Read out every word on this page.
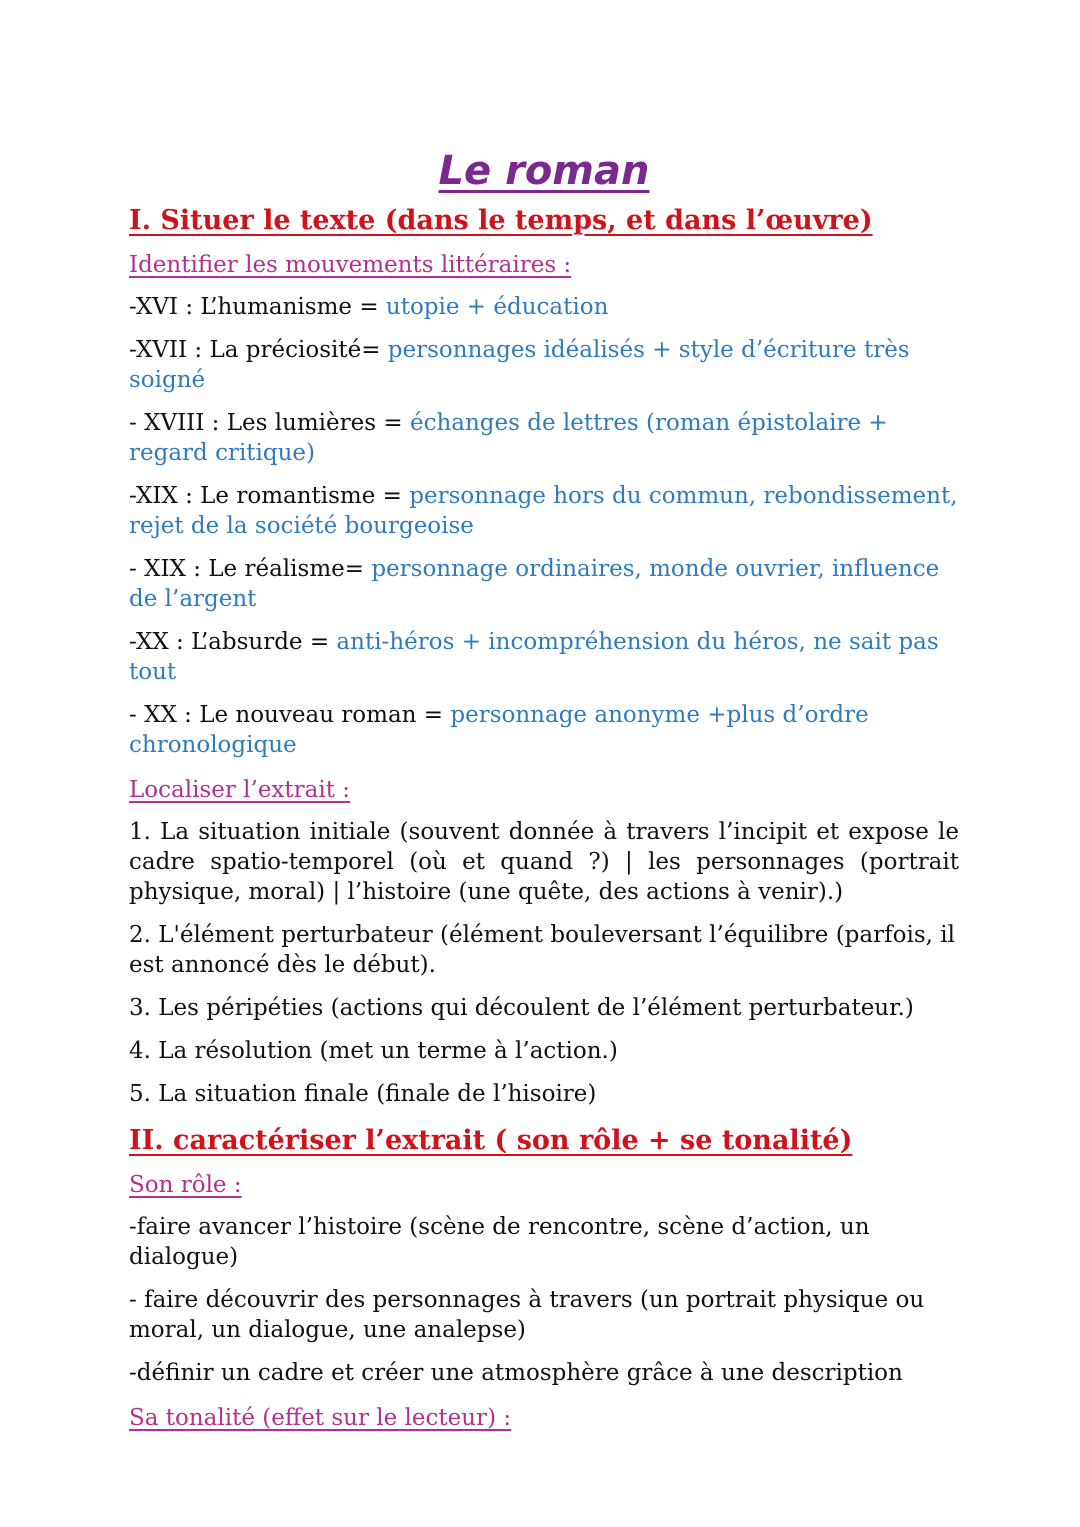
Le roman
I. Situer le texte (dans le temps, et dans l’œuvre)
Identifier les mouvements littéraires :
-XVI : L’humanisme = utopie + éducation
-XVII : La préciosité= personnages idéalisés + style d’écriture très soigné
- XVIII : Les lumières = échanges de lettres (roman épistolaire + regard critique)
-XIX : Le romantisme = personnage hors du commun, rebondissement, rejet de la société bourgeoise
- XIX : Le réalisme= personnage ordinaires, monde ouvrier, influence de l’argent
-XX : L’absurde = anti-héros + incompréhension du héros, ne sait pas tout
- XX : Le nouveau roman = personnage anonyme +plus d’ordre chronologique
Localiser l’extrait :
1. La situation initiale (souvent donnée à travers l’incipit et expose le cadre spatio-temporel (où et quand ?) | les personnages (portrait physique, moral) | l’histoire (une quête, des actions à venir).)
2. L'élément perturbateur (élément bouleversant l’équilibre (parfois, il est annoncé dès le début).
3. Les péripéties (actions qui découlent de l’élément perturbateur.)
4. La résolution (met un terme à l’action.)
5. La situation finale (finale de l’hisoire)
II. caractériser l’extrait ( son rôle + se tonalité)
Son rôle :
-faire avancer l’histoire (scène de rencontre, scène d’action, un dialogue)
- faire découvrir des personnages à travers (un portrait physique ou moral, un dialogue, une analepse)
-définir un cadre et créer une atmosphère grâce à une description
Sa tonalité (effet sur le lecteur) :
